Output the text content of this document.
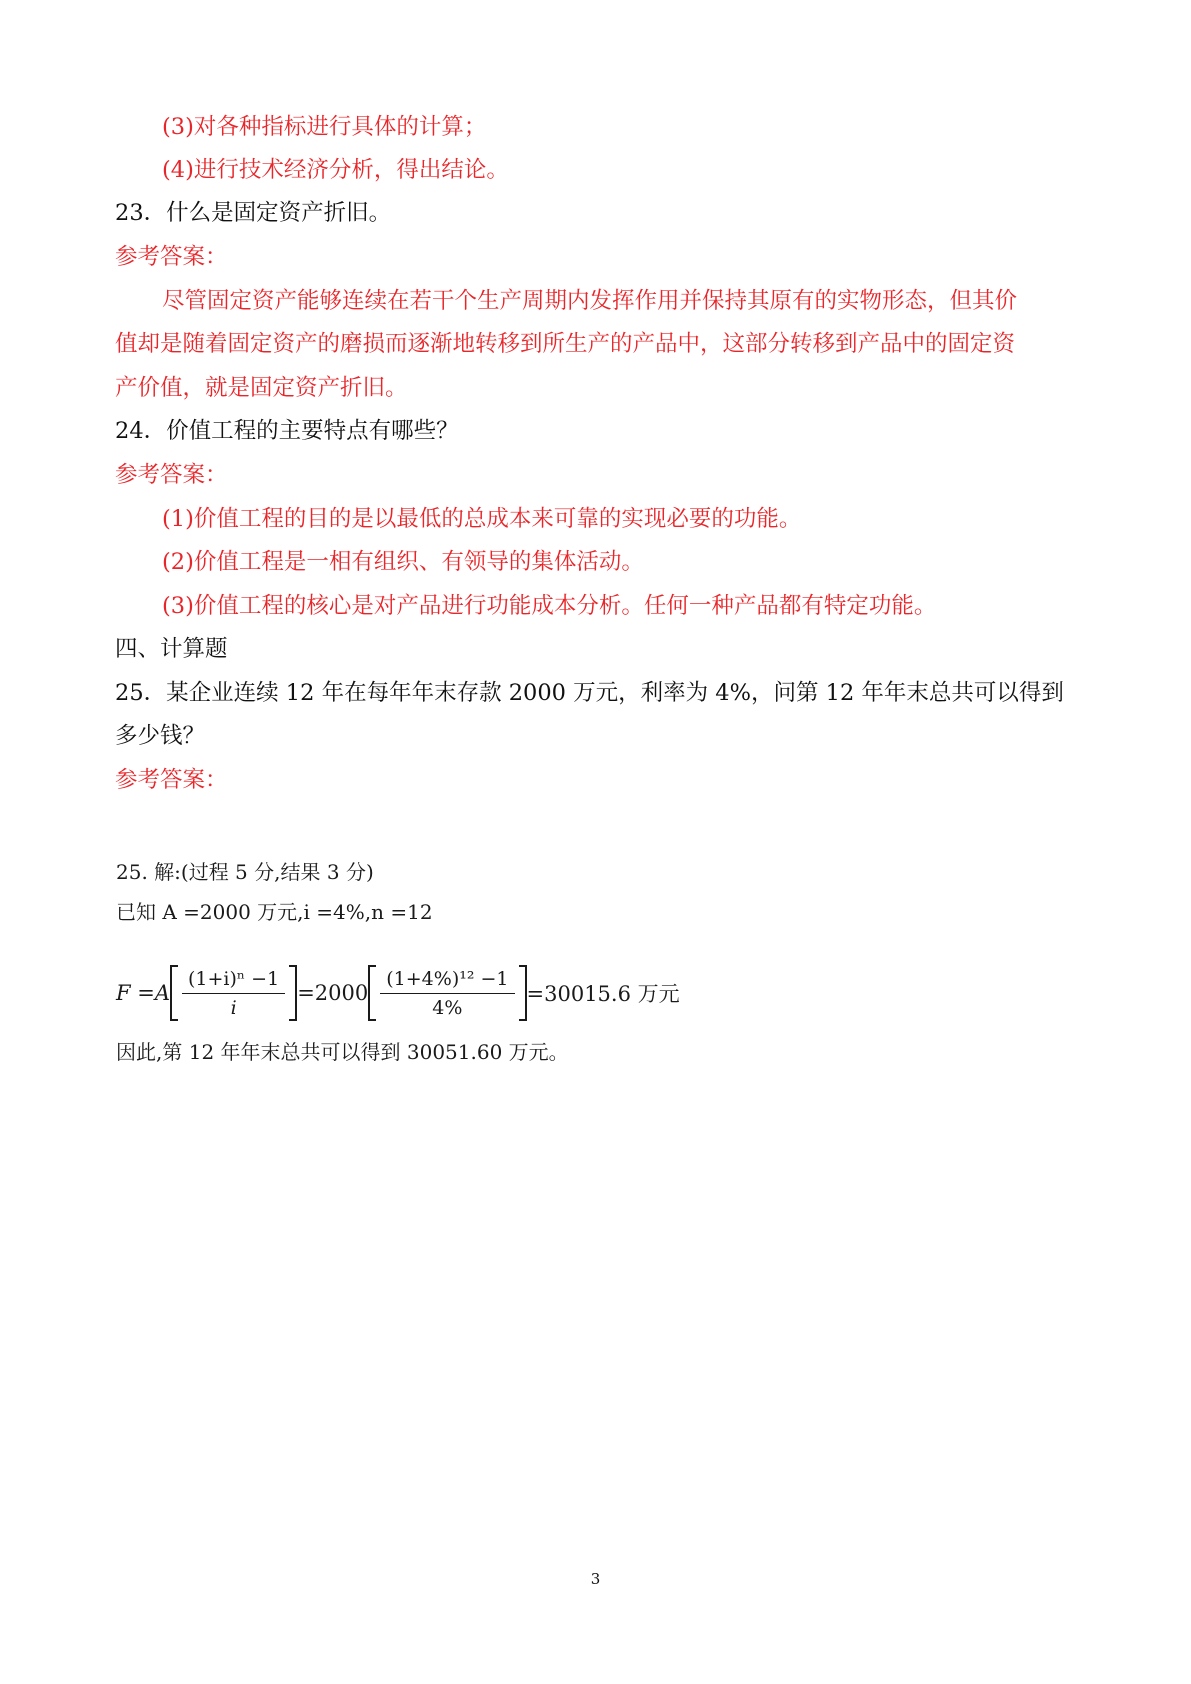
(3)对各种指标进行具体的计算；
(4)进行技术经济分析，得出结论。
23．什么是固定资产折旧。
参考答案：
尽管固定资产能够连续在若干个生产周期内发挥作用并保持其原有的实物形态，但其价
值却是随着固定资产的磨损而逐渐地转移到所生产的产品中，这部分转移到产品中的固定资
产价值，就是固定资产折旧。
24．价值工程的主要特点有哪些？
参考答案：
(1)价值工程的目的是以最低的总成本来可靠的实现必要的功能。
(2)价值工程是一相有组织、有领导的集体活动。
(3)价值工程的核心是对产品进行功能成本分析。任何一种产品都有特定功能。
四、计算题
25．某企业连续 12 年在每年年末存款 2000 万元，利率为 4%，问第 12 年年末总共可以得到
多少钱？
参考答案：
25. 解:(过程 5 分,结果 3 分)
已知 A =2000 万元,i =4%,n =12
$F =A \frac{\text{(1+i)ⁿ −1}}{i} =2000 \frac{\text{(1+4\%)¹² −1}}{4\%} =30015.6$ 万元
因此,第 12 年年末总共可以得到 30051.60 万元。
3
